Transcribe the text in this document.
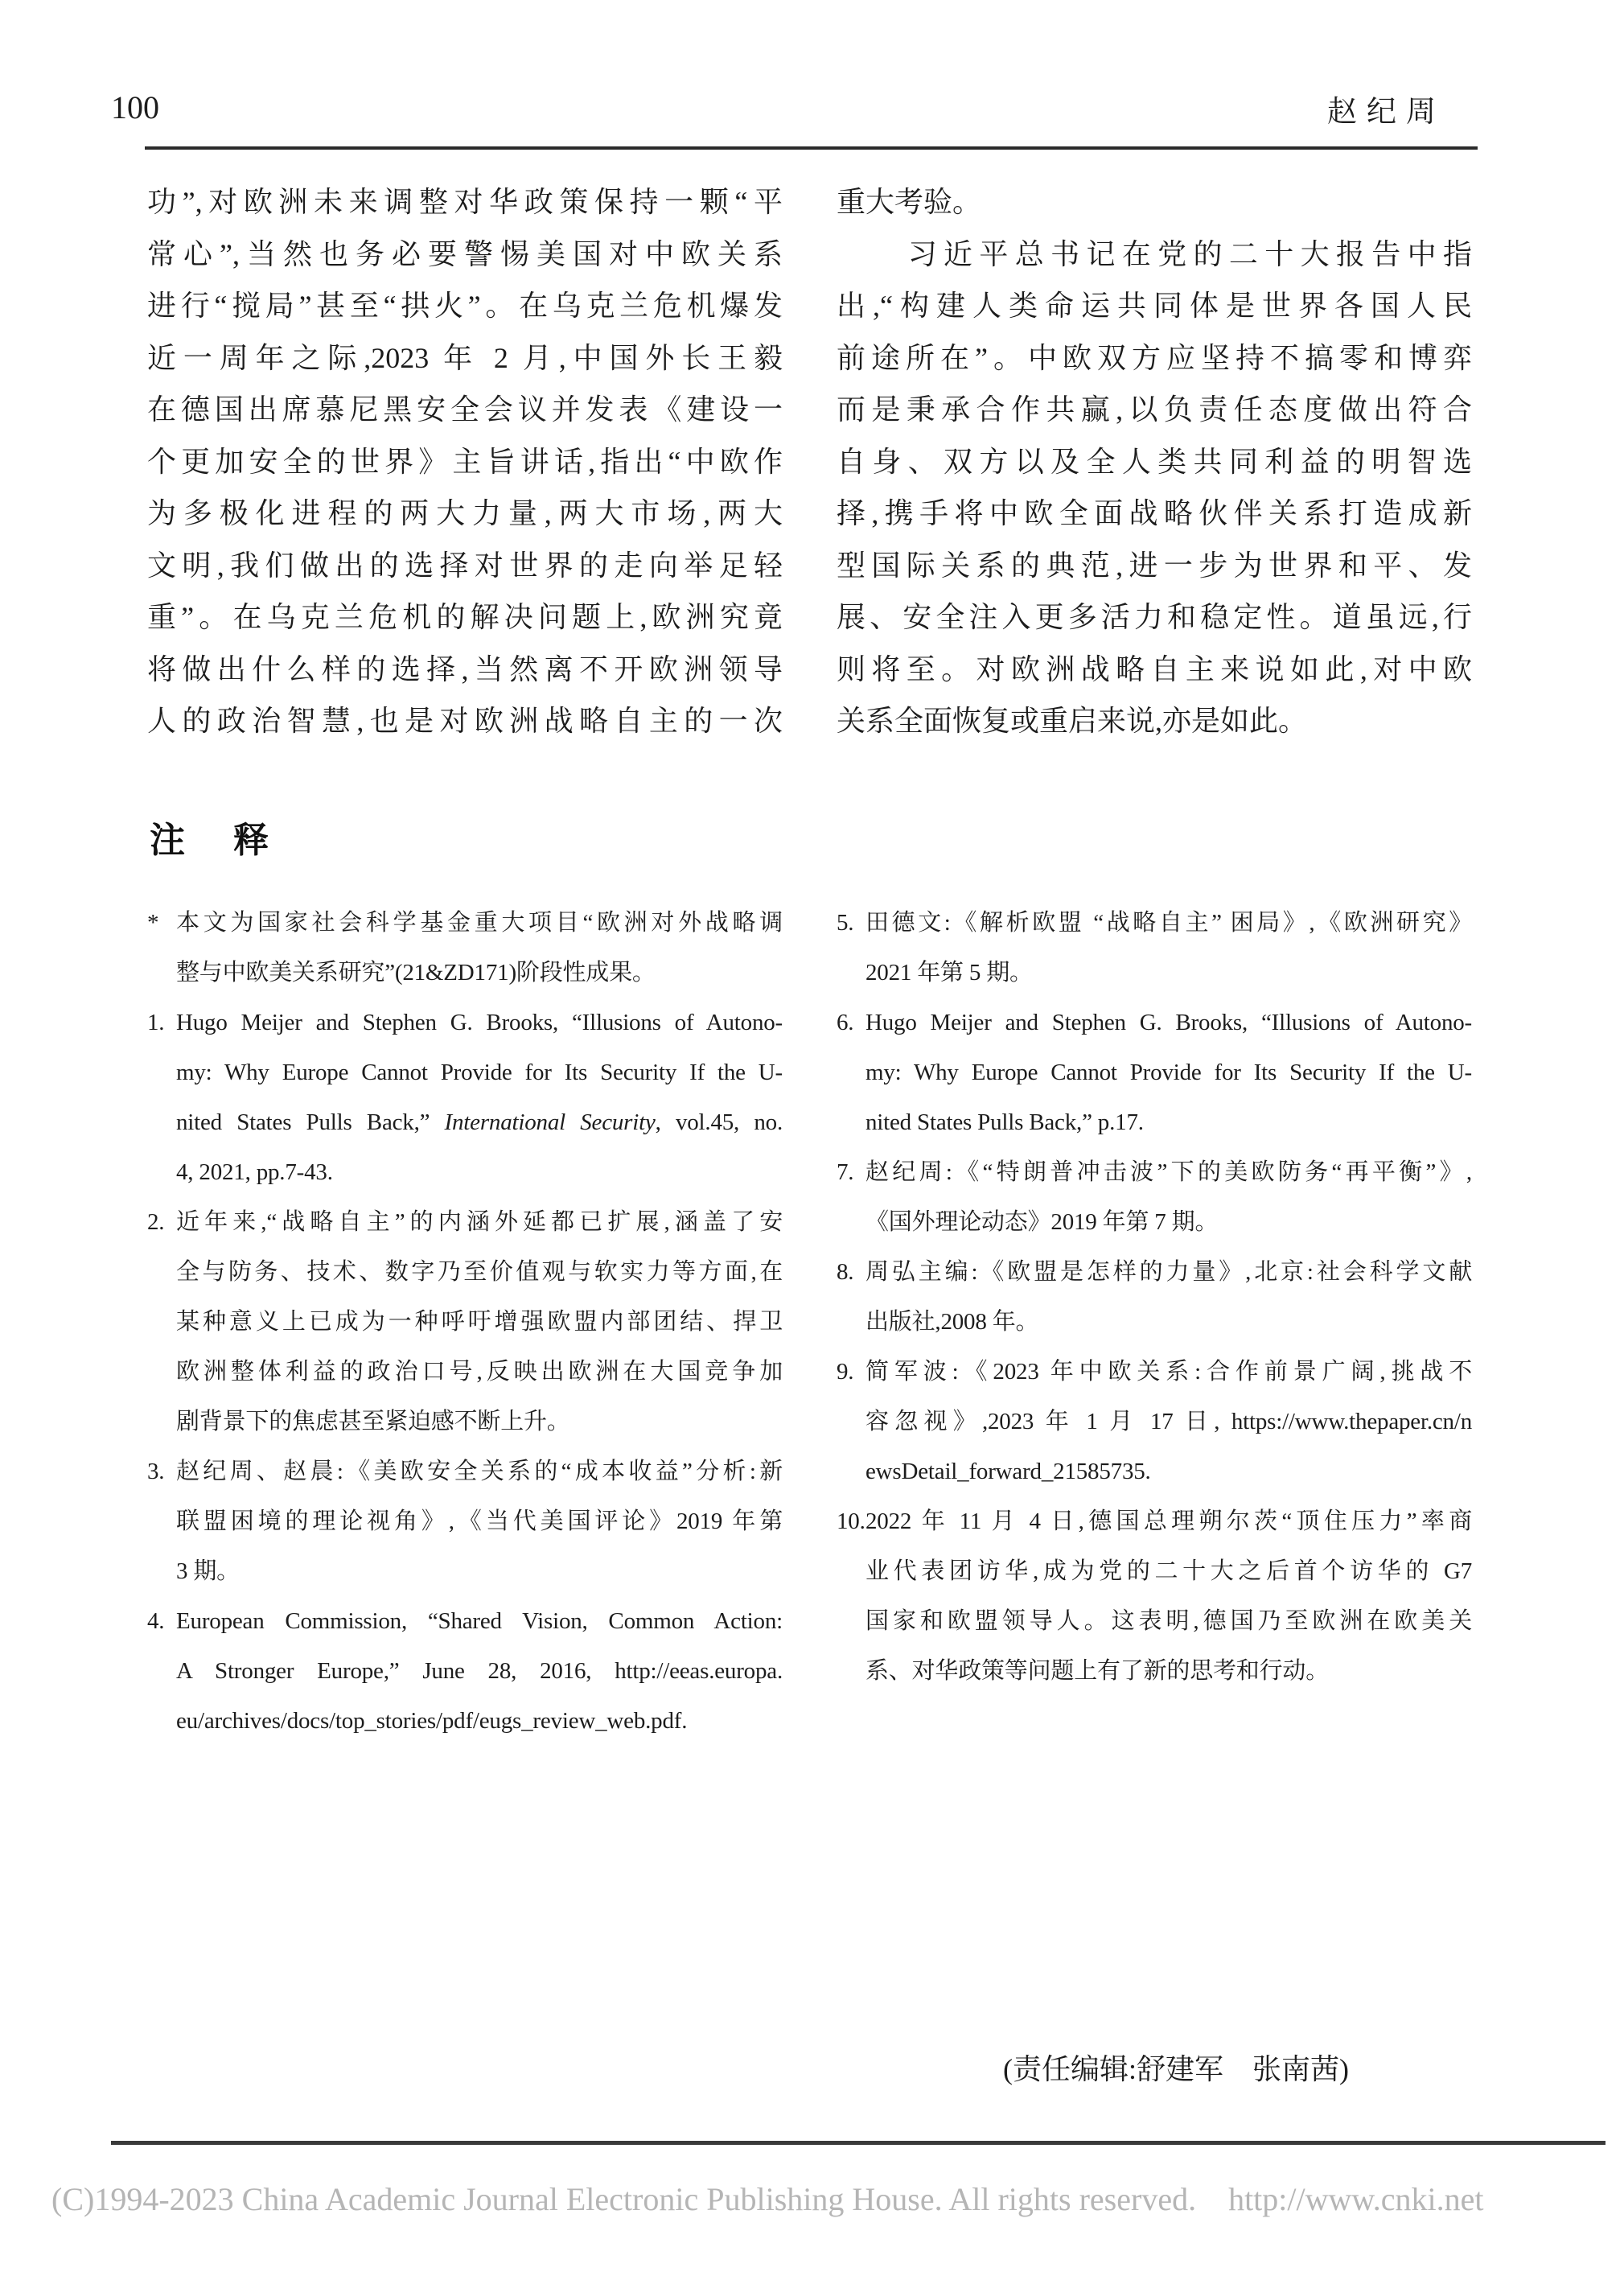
100	赵纪周
功”,对欧洲未来调整对华政策保持一颗“平
常心”,当然也务必要警惕美国对中欧关系
进行“搅局”甚至“拱火”。在乌克兰危机爆发
近一周年之际,2023 年 2 月,中国外长王毅
在德国出席慕尼黑安全会议并发表《建设一
个更加安全的世界》主旨讲话,指出“中欧作
为多极化进程的两大力量,两大市场,两大
文明,我们做出的选择对世界的走向举足轻
重”。在乌克兰危机的解决问题上,欧洲究竟
将做出什么样的选择,当然离不开欧洲领导
人的政治智慧,也是对欧洲战略自主的一次
重大考验。
　　习近平总书记在党的二十大报告中指
出,“构建人类命运共同体是世界各国人民
前途所在”。中欧双方应坚持不搞零和博弈
而是秉承合作共赢,以负责任态度做出符合
自身、双方以及全人类共同利益的明智选
择,携手将中欧全面战略伙伴关系打造成新
型国际关系的典范,进一步为世界和平、发
展、安全注入更多活力和稳定性。道虽远,行
则将至。对欧洲战略自主来说如此,对中欧
关系全面恢复或重启来说,亦是如此。
注　释
* 本文为国家社会科学基金重大项目“欧洲对外战略调
整与中欧美关系研究”(21&ZD171)阶段性成果。
1. Hugo Meijer and Stephen G. Brooks, “Illusions of Autono-
my: Why Europe Cannot Provide for Its Security If the U-
nited States Pulls Back,” International Security, vol.45, no.
4, 2021, pp.7-43.
2. 近年来,“战略自主”的内涵外延都已扩展,涵盖了安
全与防务、技术、数字乃至价值观与软实力等方面,在
某种意义上已成为一种呼吁增强欧盟内部团结、捍卫
欧洲整体利益的政治口号,反映出欧洲在大国竞争加
剧背景下的焦虑甚至紧迫感不断上升。
3. 赵纪周、赵晨:《美欧安全关系的“成本收益”分析:新
联盟困境的理论视角》,《当代美国评论》2019 年第
3 期。
4. European Commission, “Shared Vision, Common Action:
A Stronger Europe,” June 28, 2016, http://eeas.europa.
eu/archives/docs/top_stories/pdf/eugs_review_web.pdf.
5. 田德文:《解析欧盟 “战略自主” 困局》,《欧洲研究》
2021 年第 5 期。
6. Hugo Meijer and Stephen G. Brooks, “Illusions of Autono-
my: Why Europe Cannot Provide for Its Security If the U-
nited States Pulls Back,” p.17.
7. 赵纪周:《“特朗普冲击波”下的美欧防务“再平衡”》,
《国外理论动态》2019 年第 7 期。
8. 周弘主编:《欧盟是怎样的力量》,北京:社会科学文献
出版社,2008 年。
9. 简军波:《2023 年中欧关系:合作前景广阔,挑战不
容忽视》,2023 年 1 月 17 日, https://www.thepaper.cn/n
ewsDetail_forward_21585735.
10. 2022 年 11 月 4 日,德国总理朔尔茨“顶住压力”率商
业代表团访华,成为党的二十大之后首个访华的 G7
国家和欧盟领导人。这表明,德国乃至欧洲在欧美关
系、对华政策等问题上有了新的思考和行动。
(责任编辑:舒建军　张南茜)
(C)1994-2023 China Academic Journal Electronic Publishing House. All rights reserved.    http://www.cnki.net
